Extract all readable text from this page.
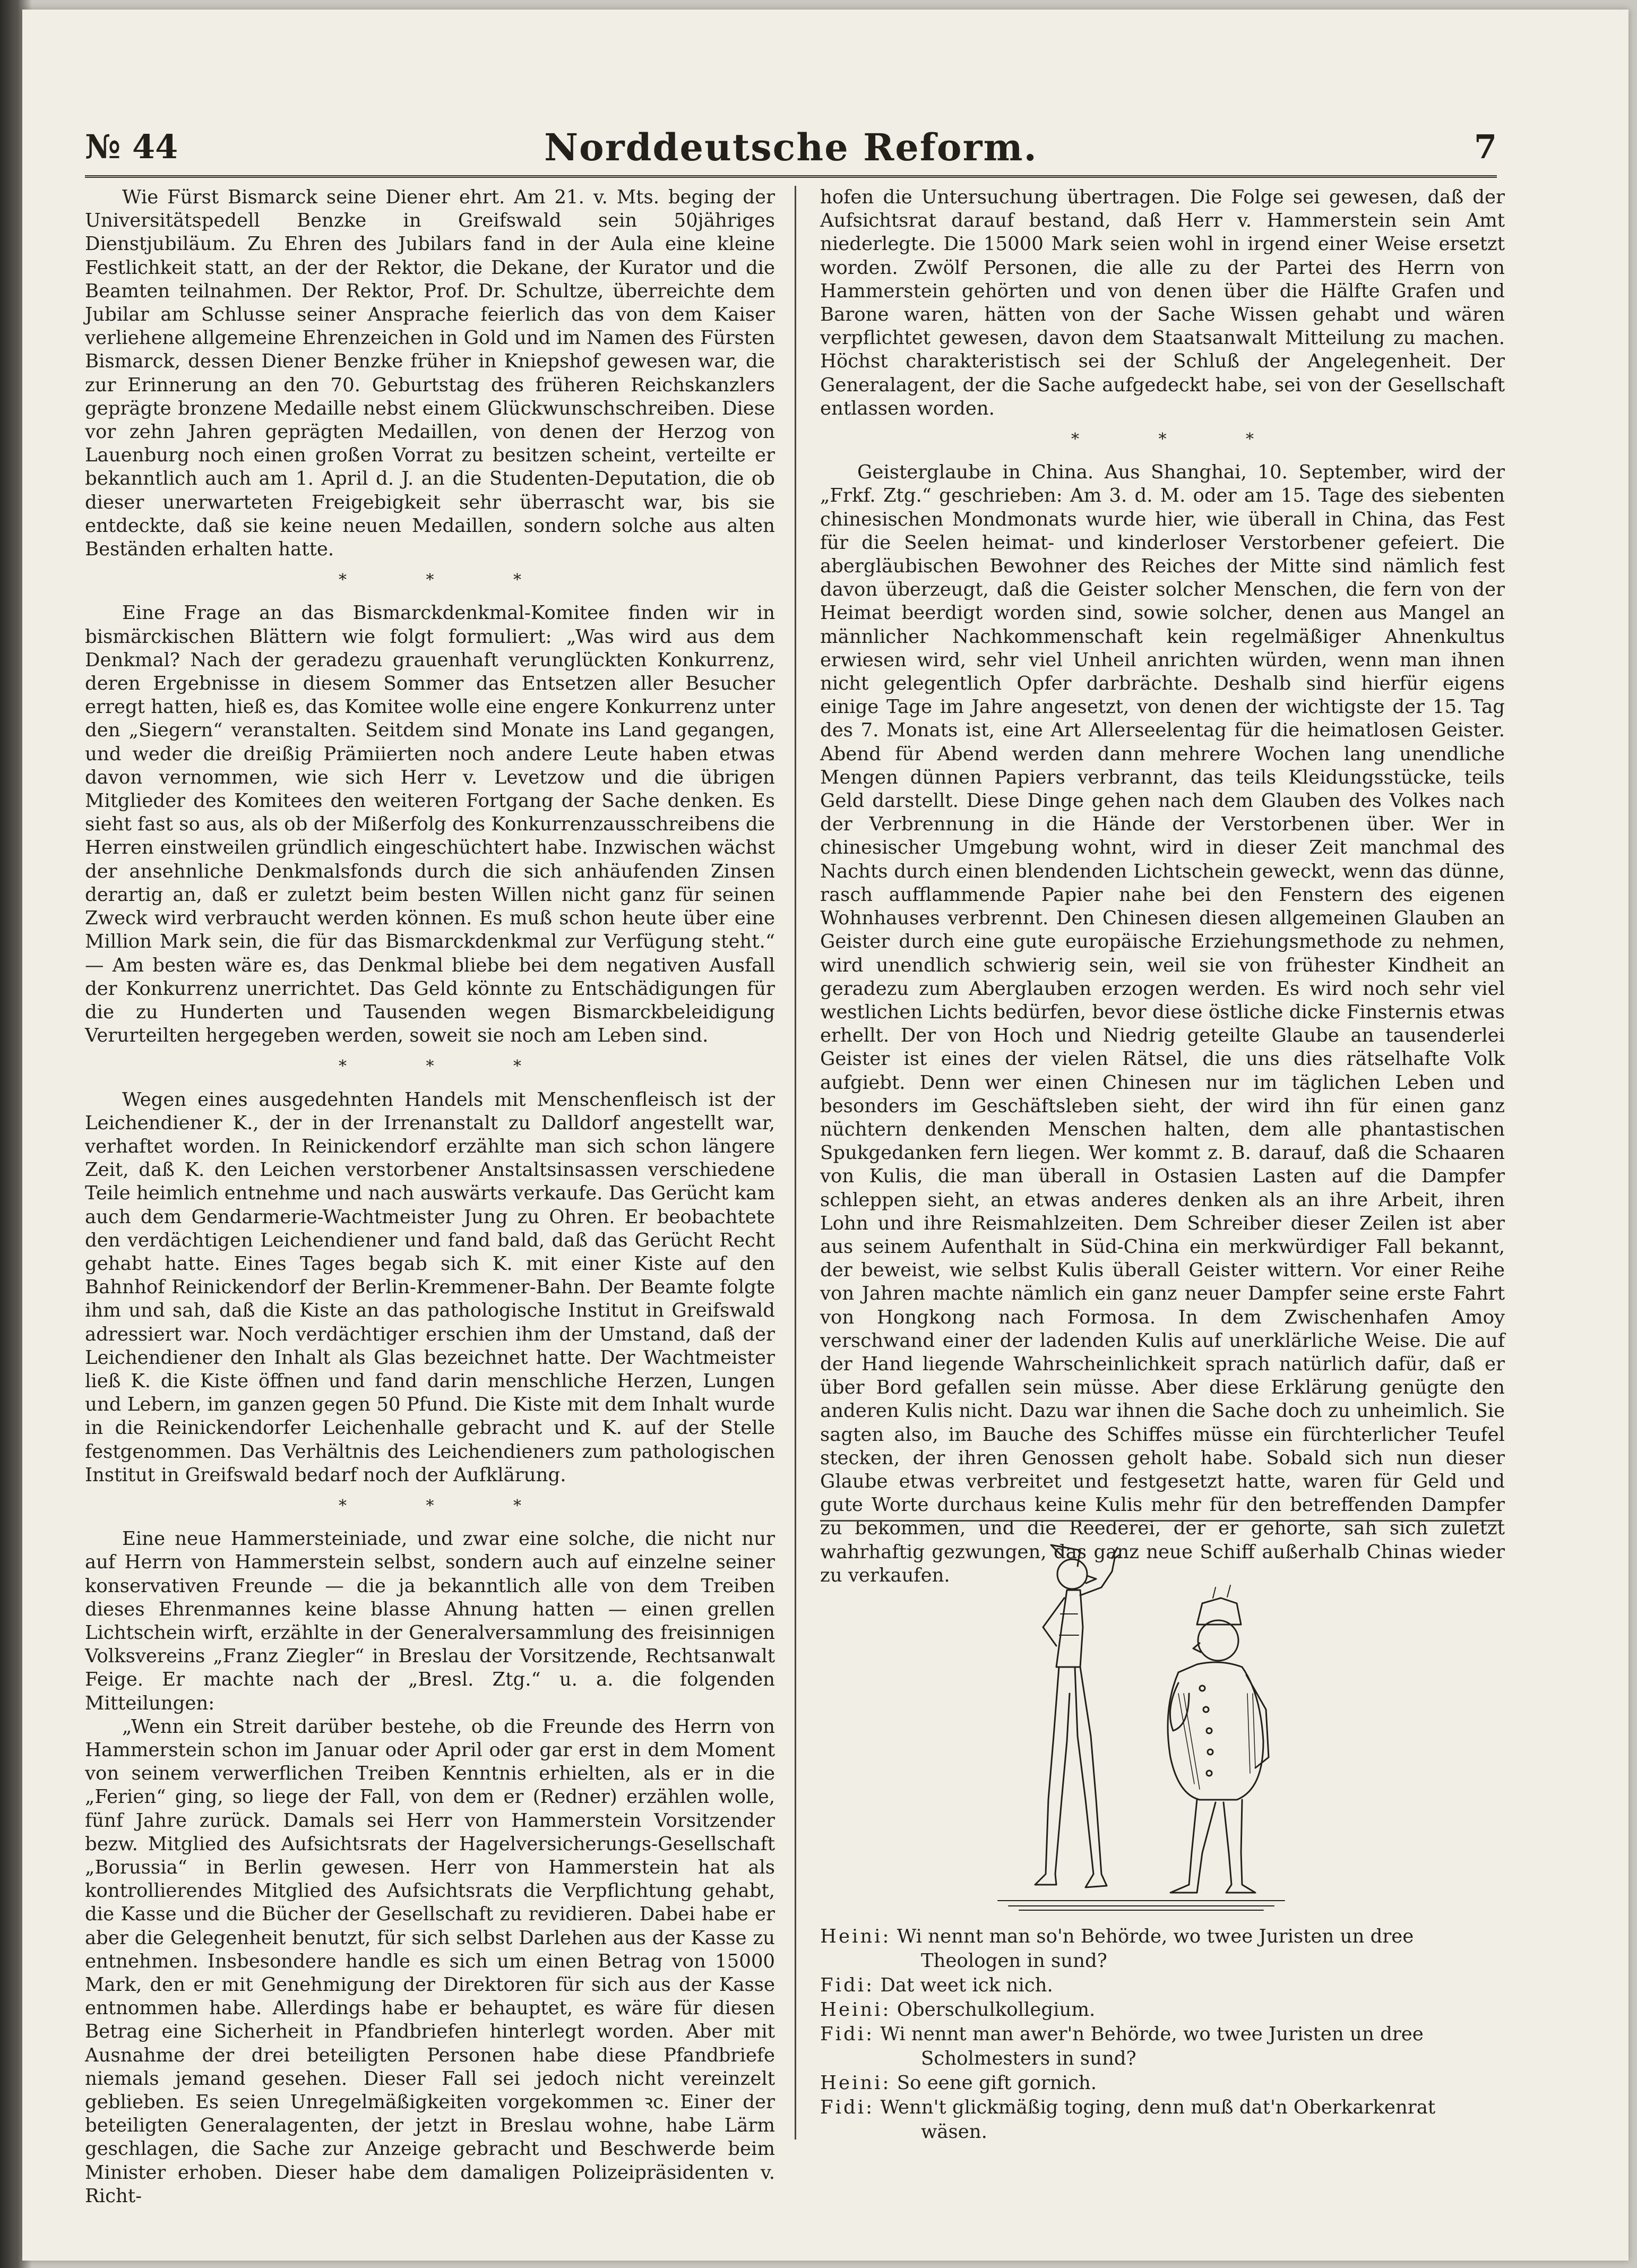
№ 44	Norddeutsche Reform.	7

Wie Fürst Bismarck seine Diener ehrt. Am 21. v. Mts. beging der Universitätspedell Benzke in Greifswald sein 50jähriges Dienstjubiläum. Zu Ehren des Jubilars fand in der Aula eine kleine Festlichkeit statt, an der der Rektor, die Dekane, der Kurator und die Beamten teilnahmen. Der Rektor, Prof. Dr. Schultze, überreichte dem Jubilar am Schlusse seiner Ansprache feierlich das von dem Kaiser verliehene allgemeine Ehrenzeichen in Gold und im Namen des Fürsten Bismarck, dessen Diener Benzke früher in Kniepshof gewesen war, die zur Erinnerung an den 70. Geburtstag des früheren Reichskanzlers geprägte bronzene Medaille nebst einem Glückwunschschreiben. Diese vor zehn Jahren geprägten Medaillen, von denen der Herzog von Lauenburg noch einen großen Vorrat zu besitzen scheint, verteilte er bekanntlich auch am 1. April d. J. an die Studenten-Deputation, die ob dieser unerwarteten Freigebigkeit sehr überrascht war, bis sie entdeckte, daß sie keine neuen Medaillen, sondern solche aus alten Beständen erhalten hatte.

* * *

Eine Frage an das Bismarckdenkmal-Komitee finden wir in bismärckischen Blättern wie folgt formuliert: „Was wird aus dem Denkmal? Nach der geradezu grauenhaft verunglückten Konkurrenz, deren Ergebnisse in diesem Sommer das Entsetzen aller Besucher erregt hatten, hieß es, das Komitee wolle eine engere Konkurrenz unter den „Siegern“ veranstalten. Seitdem sind Monate ins Land gegangen, und weder die dreißig Prämiierten noch andere Leute haben etwas davon vernommen, wie sich Herr v. Levetzow und die übrigen Mitglieder des Komitees den weiteren Fortgang der Sache denken. Es sieht fast so aus, als ob der Mißerfolg des Konkurrenzausschreibens die Herren einstweilen gründlich eingeschüchtert habe. Inzwischen wächst der ansehnliche Denkmalsfonds durch die sich anhäufenden Zinsen derartig an, daß er zuletzt beim besten Willen nicht ganz für seinen Zweck wird verbraucht werden können. Es muß schon heute über eine Million Mark sein, die für das Bismarckdenkmal zur Verfügung steht.“ — Am besten wäre es, das Denkmal bliebe bei dem negativen Ausfall der Konkurrenz unerrichtet. Das Geld könnte zu Entschädigungen für die zu Hunderten und Tausenden wegen Bismarckbeleidigung Verurteilten hergegeben werden, soweit sie noch am Leben sind.

* * *

Wegen eines ausgedehnten Handels mit Menschenfleisch ist der Leichendiener K., der in der Irrenanstalt zu Dalldorf angestellt war, verhaftet worden. In Reinickendorf erzählte man sich schon längere Zeit, daß K. den Leichen verstorbener Anstaltsinsassen verschiedene Teile heimlich entnehme und nach auswärts verkaufe. Das Gerücht kam auch dem Gendarmerie-Wachtmeister Jung zu Ohren. Er beobachtete den verdächtigen Leichendiener und fand bald, daß das Gerücht Recht gehabt hatte. Eines Tages begab sich K. mit einer Kiste auf den Bahnhof Reinickendorf der Berlin-Kremmener-Bahn. Der Beamte folgte ihm und sah, daß die Kiste an das pathologische Institut in Greifswald adressiert war. Noch verdächtiger erschien ihm der Umstand, daß der Leichendiener den Inhalt als Glas bezeichnet hatte. Der Wachtmeister ließ K. die Kiste öffnen und fand darin menschliche Herzen, Lungen und Lebern, im ganzen gegen 50 Pfund. Die Kiste mit dem Inhalt wurde in die Reinickendorfer Leichenhalle gebracht und K. auf der Stelle festgenommen. Das Verhältnis des Leichendieners zum pathologischen Institut in Greifswald bedarf noch der Aufklärung.

* * *

Eine neue Hammersteiniade, und zwar eine solche, die nicht nur auf Herrn von Hammerstein selbst, sondern auch auf einzelne seiner konservativen Freunde — die ja bekanntlich alle von dem Treiben dieses Ehrenmannes keine blasse Ahnung hatten — einen grellen Lichtschein wirft, erzählte in der Generalversammlung des freisinnigen Volksvereins „Franz Ziegler“ in Breslau der Vorsitzende, Rechtsanwalt Feige. Er machte nach der „Bresl. Ztg.“ u. a. die folgenden Mitteilungen:

„Wenn ein Streit darüber bestehe, ob die Freunde des Herrn von Hammerstein schon im Januar oder April oder gar erst in dem Moment von seinem verwerflichen Treiben Kenntnis erhielten, als er in die „Ferien“ ging, so liege der Fall, von dem er (Redner) erzählen wolle, fünf Jahre zurück. Damals sei Herr von Hammerstein Vorsitzender bezw. Mitglied des Aufsichtsrats der Hagelversicherungs-Gesellschaft „Borussia“ in Berlin gewesen. Herr von Hammerstein hat als kontrollierendes Mitglied des Aufsichtsrats die Verpflichtung gehabt, die Kasse und die Bücher der Gesellschaft zu revidieren. Dabei habe er aber die Gelegenheit benutzt, für sich selbst Darlehen aus der Kasse zu entnehmen. Insbesondere handle es sich um einen Betrag von 15000 Mark, den er mit Genehmigung der Direktoren für sich aus der Kasse entnommen habe. Allerdings habe er behauptet, es wäre für diesen Betrag eine Sicherheit in Pfandbriefen hinterlegt worden. Aber mit Ausnahme der drei beteiligten Personen habe diese Pfandbriefe niemals jemand gesehen. Dieser Fall sei jedoch nicht vereinzelt geblieben. Es seien Unregelmäßigkeiten vorgekommen ꝛc. Einer der beteiligten Generalagenten, der jetzt in Breslau wohne, habe Lärm geschlagen, die Sache zur Anzeige gebracht und Beschwerde beim Minister erhoben. Dieser habe dem damaligen Polizeipräsidenten v. Richt-

hofen die Untersuchung übertragen. Die Folge sei gewesen, daß der Aufsichtsrat darauf bestand, daß Herr v. Hammerstein sein Amt niederlegte. Die 15000 Mark seien wohl in irgend einer Weise ersetzt worden. Zwölf Personen, die alle zu der Partei des Herrn von Hammerstein gehörten und von denen über die Hälfte Grafen und Barone waren, hätten von der Sache Wissen gehabt und wären verpflichtet gewesen, davon dem Staatsanwalt Mitteilung zu machen. Höchst charakteristisch sei der Schluß der Angelegenheit. Der Generalagent, der die Sache aufgedeckt habe, sei von der Gesellschaft entlassen worden.

* * *

Geisterglaube in China. Aus Shanghai, 10. September, wird der „Frkf. Ztg.“ geschrieben: Am 3. d. M. oder am 15. Tage des siebenten chinesischen Mondmonats wurde hier, wie überall in China, das Fest für die Seelen heimat- und kinderloser Verstorbener gefeiert. Die abergläubischen Bewohner des Reiches der Mitte sind nämlich fest davon überzeugt, daß die Geister solcher Menschen, die fern von der Heimat beerdigt worden sind, sowie solcher, denen aus Mangel an männlicher Nachkommenschaft kein regelmäßiger Ahnenkultus erwiesen wird, sehr viel Unheil anrichten würden, wenn man ihnen nicht gelegentlich Opfer darbrächte. Deshalb sind hierfür eigens einige Tage im Jahre angesetzt, von denen der wichtigste der 15. Tag des 7. Monats ist, eine Art Allerseelentag für die heimatlosen Geister. Abend für Abend werden dann mehrere Wochen lang unendliche Mengen dünnen Papiers verbrannt, das teils Kleidungsstücke, teils Geld darstellt. Diese Dinge gehen nach dem Glauben des Volkes nach der Verbrennung in die Hände der Verstorbenen über. Wer in chinesischer Umgebung wohnt, wird in dieser Zeit manchmal des Nachts durch einen blendenden Lichtschein geweckt, wenn das dünne, rasch aufflammende Papier nahe bei den Fenstern des eigenen Wohnhauses verbrennt. Den Chinesen diesen allgemeinen Glauben an Geister durch eine gute europäische Erziehungsmethode zu nehmen, wird unendlich schwierig sein, weil sie von frühester Kindheit an geradezu zum Aberglauben erzogen werden. Es wird noch sehr viel westlichen Lichts bedürfen, bevor diese östliche dicke Finsternis etwas erhellt. Der von Hoch und Niedrig geteilte Glaube an tausenderlei Geister ist eines der vielen Rätsel, die uns dies rätselhafte Volk aufgiebt. Denn wer einen Chinesen nur im täglichen Leben und besonders im Geschäftsleben sieht, der wird ihn für einen ganz nüchtern denkenden Menschen halten, dem alle phantastischen Spukgedanken fern liegen. Wer kommt z. B. darauf, daß die Schaaren von Kulis, die man überall in Ostasien Lasten auf die Dampfer schleppen sieht, an etwas anderes denken als an ihre Arbeit, ihren Lohn und ihre Reismahlzeiten. Dem Schreiber dieser Zeilen ist aber aus seinem Aufenthalt in Süd-China ein merkwürdiger Fall bekannt, der beweist, wie selbst Kulis überall Geister wittern. Vor einer Reihe von Jahren machte nämlich ein ganz neuer Dampfer seine erste Fahrt von Hongkong nach Formosa. In dem Zwischenhafen Amoy verschwand einer der ladenden Kulis auf unerklärliche Weise. Die auf der Hand liegende Wahrscheinlichkeit sprach natürlich dafür, daß er über Bord gefallen sein müsse. Aber diese Erklärung genügte den anderen Kulis nicht. Dazu war ihnen die Sache doch zu unheimlich. Sie sagten also, im Bauche des Schiffes müsse ein fürchterlicher Teufel stecken, der ihren Genossen geholt habe. Sobald sich nun dieser Glaube etwas verbreitet und festgesetzt hatte, waren für Geld und gute Worte durchaus keine Kulis mehr für den betreffenden Dampfer zu bekommen, und die Reederei, der er gehörte, sah sich zuletzt wahrhaftig gezwungen, das ganz neue Schiff außerhalb Chinas wieder zu verkaufen.

Heini: Wi nennt man so'n Behörde, wo twee Juristen un dree Theologen in sund?
Fidi: Dat weet ick nich.
Heini: Oberschulkollegium.
Fidi: Wi nennt man awer'n Behörde, wo twee Juristen un dree Scholmesters in sund?
Heini: So eene gift gornich.
Fidi: Wenn't glickmäßig toging, denn muß dat'n Oberkarkenrat wäsen.
